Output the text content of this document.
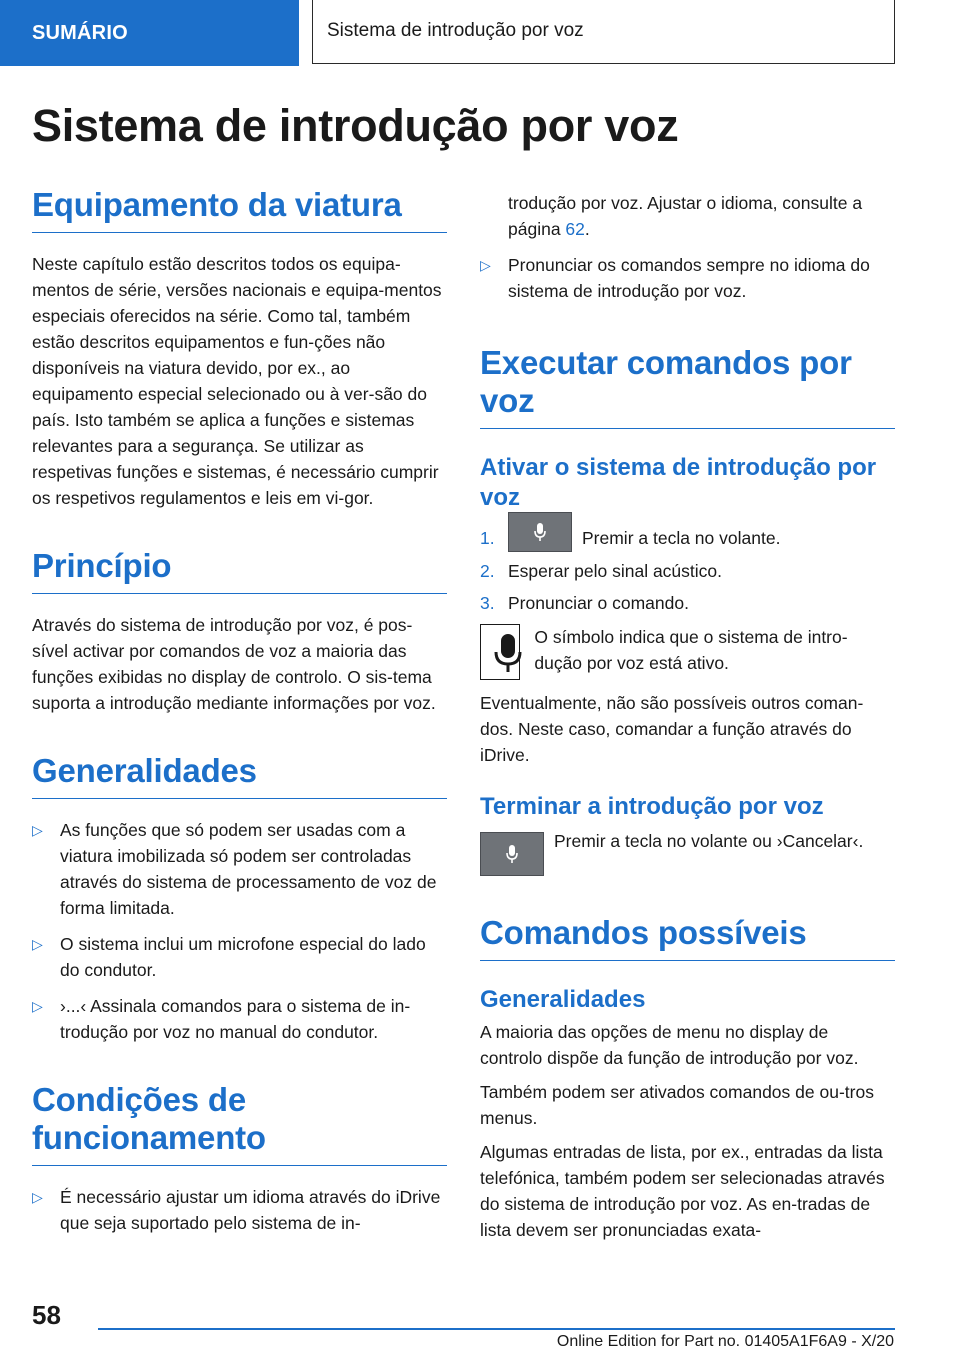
SUMÁRIO	Sistema de introdução por voz
Sistema de introdução por voz
Equipamento da viatura

Neste capítulo estão descritos todos os equipa-mentos de série, versões nacionais e equipa-mentos especiais oferecidos na série. Como tal, também estão descritos equipamentos e fun-ções não disponíveis na viatura devido, por ex., ao equipamento especial selecionado ou à ver-são do país. Isto também se aplica a funções e sistemas relevantes para a segurança. Se utilizar as respetivas funções e sistemas, é necessário cumprir os respetivos regulamentos e leis em vi-gor.

Princípio

Através do sistema de introdução por voz, é pos-sível activar por comandos de voz a maioria das funções exibidas no display de controlo. O sis-tema suporta a introdução mediante informações por voz.

Generalidades
▷ As funções que só podem ser usadas com a viatura imobilizada só podem ser controladas através do sistema de processamento de voz de forma limitada.
▷ O sistema inclui um microfone especial do lado do condutor.
▷ ›...‹ Assinala comandos para o sistema de in-trodução por voz no manual do condutor.
Condições de funcionamento
▷ É necessário ajustar um idioma através do iDrive que seja suportado pelo sistema de in-

trodução por voz. Ajustar o idioma, consulte a página 62.

▷ Pronunciar os comandos sempre no idioma do sistema de introdução por voz.
Executar comandos por voz
Ativar o sistema de introdução por voz
1.	Premir a tecla no volante.
2. Esperar pelo sinal acústico.
3. Pronunciar o comando.
O símbolo indica que o sistema de intro-dução por voz está ativo.

Eventualmente, não são possíveis outros coman-dos. Neste caso, comandar a função através do iDrive.

Terminar a introdução por voz
Premir a tecla no volante ou ›Cancelar‹.
Comandos possíveis
Generalidades

A maioria das opções de menu no display de controlo dispõe da função de introdução por voz.

Também podem ser ativados comandos de ou-tros menus.

Algumas entradas de lista, por ex., entradas da lista telefónica, também podem ser selecionadas através do sistema de introdução por voz. As en-tradas de lista devem ser pronunciadas exata-

58
Online Edition for Part no. 01405A1F6A9 - X/20
